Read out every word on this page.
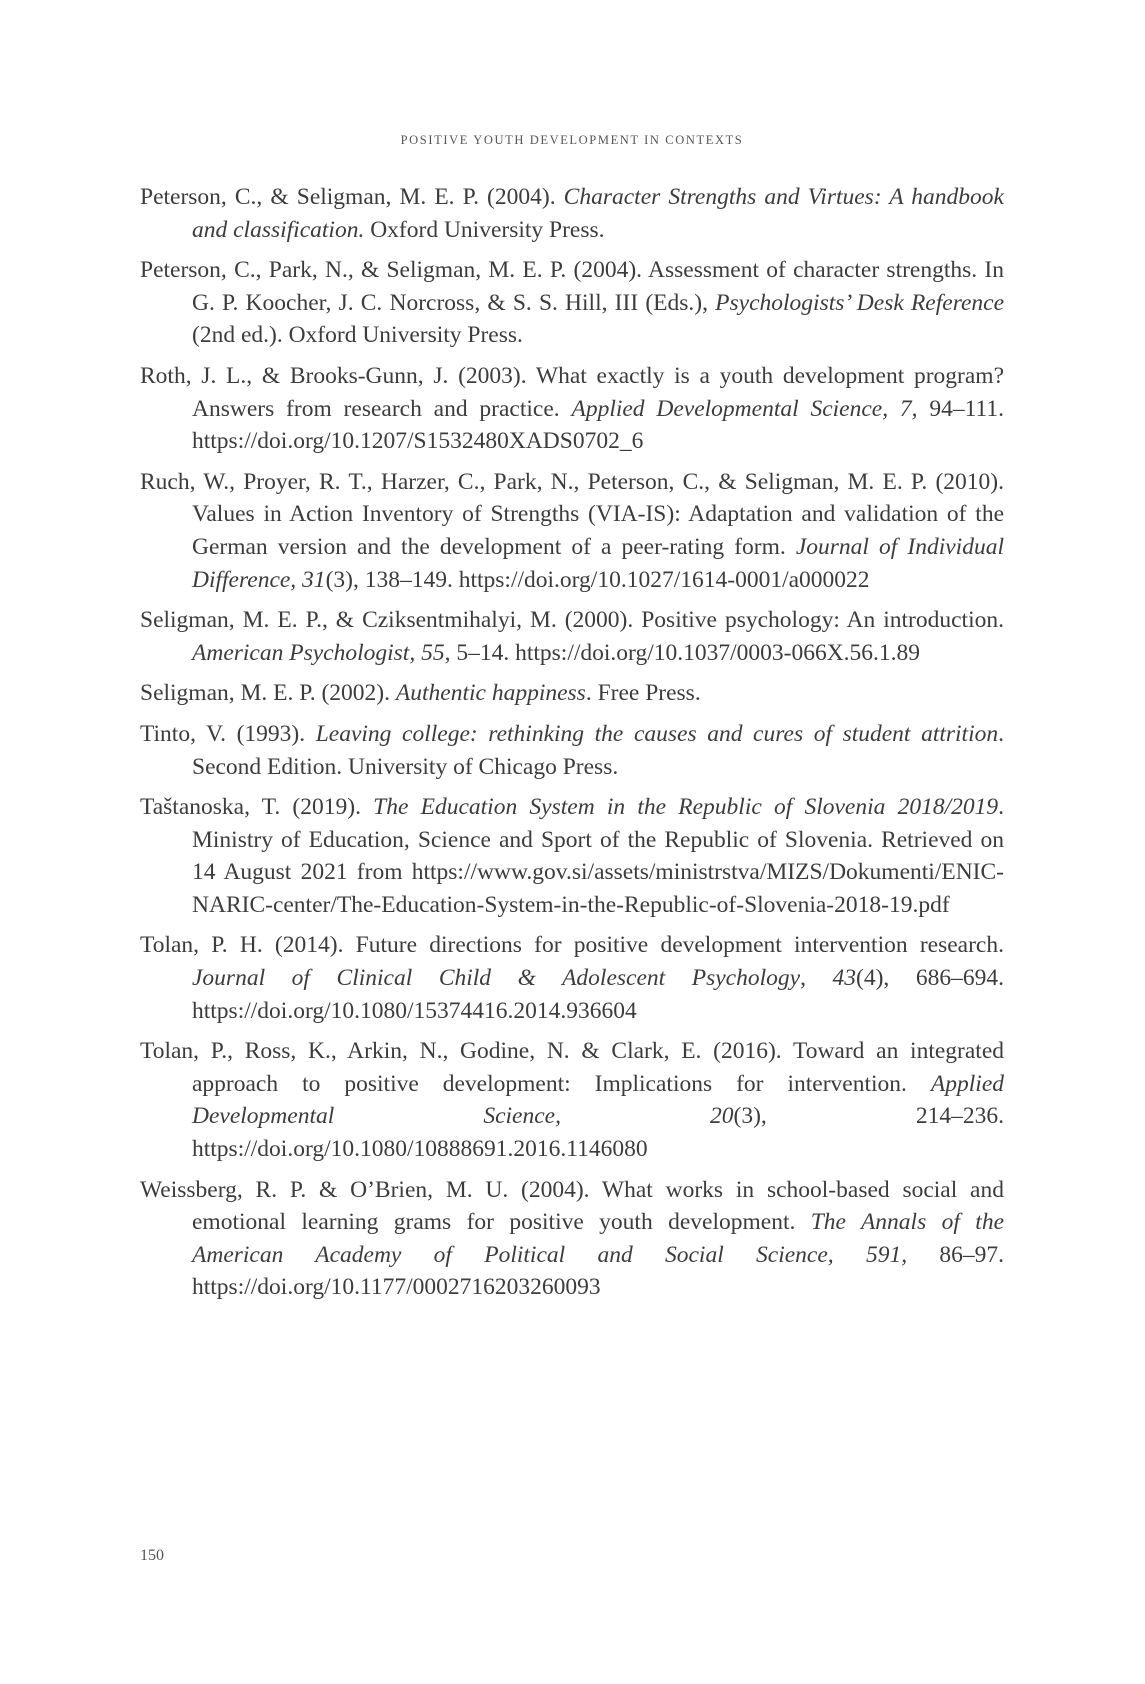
POSITIVE YOUTH DEVELOPMENT IN CONTEXTS
Peterson, C., & Seligman, M. E. P. (2004). Character Strengths and Virtues: A handbook and classification. Oxford University Press.
Peterson, C., Park, N., & Seligman, M. E. P. (2004). Assessment of character strengths. In G. P. Koocher, J. C. Norcross, & S. S. Hill, III (Eds.), Psychologists’ Desk Reference (2nd ed.). Oxford University Press.
Roth, J. L., & Brooks-Gunn, J. (2003). What exactly is a youth development program? Answers from research and practice. Applied Developmental Science, 7, 94–111. https://doi.org/10.1207/S1532480XADS0702_6
Ruch, W., Proyer, R. T., Harzer, C., Park, N., Peterson, C., & Seligman, M. E. P. (2010). Values in Action Inventory of Strengths (VIA-IS): Adaptation and validation of the German version and the development of a peer-rating form. Journal of Individual Difference, 31(3), 138–149. https://doi.org/10.1027/1614-0001/a000022
Seligman, M. E. P., & Cziksentmihalyi, M. (2000). Positive psychology: An introduction. American Psychologist, 55, 5–14. https://doi.org/10.1037/0003-066X.56.1.89
Seligman, M. E. P. (2002). Authentic happiness. Free Press.
Tinto, V. (1993). Leaving college: rethinking the causes and cures of student attrition. Second Edition. University of Chicago Press.
Taštanoska, T. (2019). The Education System in the Republic of Slovenia 2018/2019. Ministry of Education, Science and Sport of the Republic of Slovenia. Retrieved on 14 August 2021 from https://www.gov.si/assets/ministrstva/MIZS/Dokumenti/ENIC-NARIC-center/The-Education-System-in-the-Republic-of-Slovenia-2018-19.pdf
Tolan, P. H. (2014). Future directions for positive development intervention research. Journal of Clinical Child & Adolescent Psychology, 43(4), 686–694. https://doi.org/10.1080/15374416.2014.936604
Tolan, P., Ross, K., Arkin, N., Godine, N. & Clark, E. (2016). Toward an integrated approach to positive development: Implications for intervention. Applied Developmental Science, 20(3), 214–236. https://doi.org/10.1080/10888691.2016.1146080
Weissberg, R. P. & O’Brien, M. U. (2004). What works in school-based social and emotional learning grams for positive youth development. The Annals of the American Academy of Political and Social Science, 591, 86–97. https://doi.org/10.1177/0002716203260093
150
